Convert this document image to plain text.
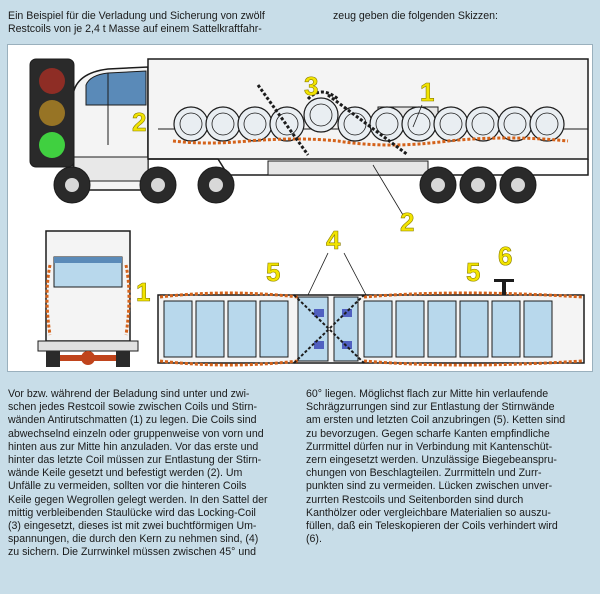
Ein Beispiel für die Verladung und Sicherung von zwölf
Restcoils von je 2,4 t Masse auf einem Sattelkraftfahr-
zeug geben die folgenden Skizzen:
1
2
3
2
1
4
5	5
6
Vor bzw. während der Beladung sind unter und zwi-
schen jedes Restcoil sowie zwischen Coils und Stirn-
wänden Antirutschmatten (1) zu legen. Die Coils sind
abwechselnd einzeln oder gruppenweise von vorn und
hinten aus zur Mitte hin anzuladen. Vor das erste und
hinter das letzte Coil müssen zur Entlastung der Stirn-
wände Keile gesetzt und befestigt werden (2). Um
Unfälle zu vermeiden, sollten vor die hinteren Coils
Keile gegen Wegrollen gelegt werden. In den Sattel der
mittig verbleibenden Staulücke wird das Locking-Coil
(3) eingesetzt, dieses ist mit zwei buchtförmigen Um-
spannungen, die durch den Kern zu nehmen sind, (4)
zu sichern. Die Zurrwinkel müssen zwischen 45° und
60° liegen. Möglichst flach zur Mitte hin verlaufende
Schrägzurrungen sind zur Entlastung der Stirnwände
am ersten und letzten Coil anzubringen (5). Ketten sind
zu bevorzugen. Gegen scharfe Kanten empfindliche
Zurrmittel dürfen nur in Verbindung mit Kantenschüt-
zern eingesetzt werden. Unzulässige Biegebeanspru-
chungen von Beschlagteilen. Zurrmitteln und Zurr-
punkten sind zu vermeiden. Lücken zwischen unver-
zurrten Restcoils und Seitenborden sind durch
Kanthölzer oder vergleichbare Materialien so auszu-
füllen, daß ein Teleskopieren der Coils verhindert wird
(6).
